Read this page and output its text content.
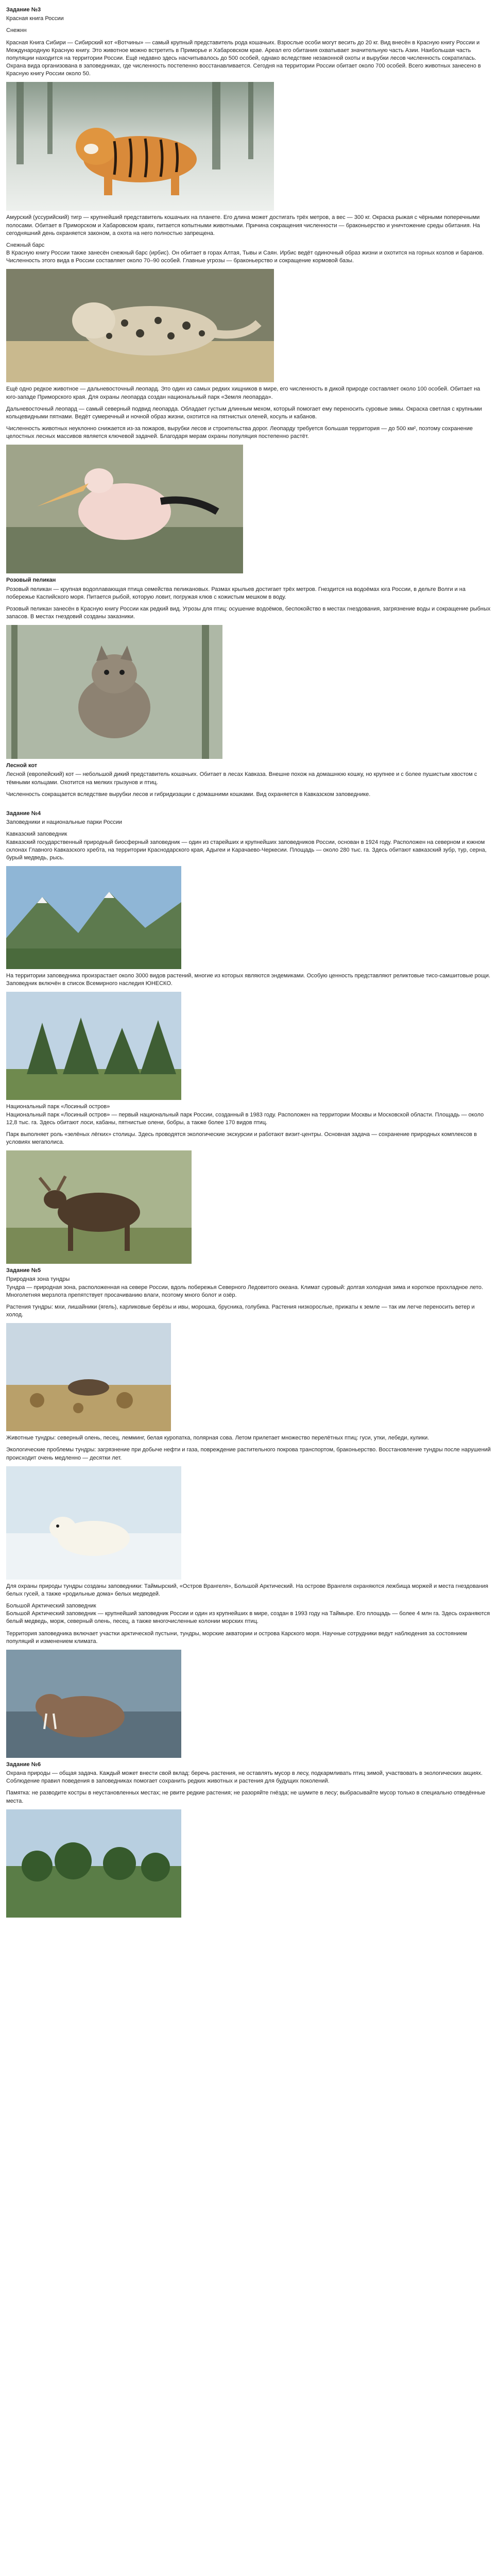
Задание №3
Красная книга России
Снежнн
Красная Книга Сибири — Сибирский кот «Вотчины» — самый крупный представитель рода кошачьих. Взрослые особи могут весить до 20 кг. Вид внесён в Красную книгу России и Международную Красную книгу. Это животное можно встретить в Приморье и Хабаровском крае. Ареал его обитания охватывает значительную часть Азии. Наибольшая часть популяции находится на территории России. Ещё недавно здесь насчитывалось до 500 особей, однако вследствие незаконной охоты и вырубки лесов численность сократилась. Охрана вида организована в заповедниках, где численность постепенно восстанавливается. Сегодня на территории России обитает около 700 особей. Всего животных занесено в Красную книгу России около 50.
Амурский (уссурийский) тигр — крупнейший представитель кошачьих на планете. Его длина может достигать трёх метров, а вес — 300 кг. Окраска рыжая с чёрными поперечными полосами. Обитает в Приморском и Хабаровском краях, питается копытными животными. Причина сокращения численности — браконьерство и уничтожение среды обитания. На сегодняшний день охраняется законом, а охота на него полностью запрещена.
Снежный барс
В Красную книгу России также занесён снежный барс (ирбис). Он обитает в горах Алтая, Тывы и Саян. Ирбис ведёт одиночный образ жизни и охотится на горных козлов и баранов. Численность этого вида в России составляет около 70–90 особей. Главные угрозы — браконьерство и сокращение кормовой базы.
Ещё одно редкое животное — дальневосточный леопард. Это один из самых редких хищников в мире, его численность в дикой природе составляет около 100 особей. Обитает на юго-западе Приморского края. Для охраны леопарда создан национальный парк «Земля леопарда».
Дальневосточный леопард — самый северный подвид леопарда. Обладает густым длинным мехом, который помогает ему переносить суровые зимы. Окраска светлая с крупными кольцевидными пятнами. Ведёт сумеречный и ночной образ жизни, охотится на пятнистых оленей, косуль и кабанов.
Численность животных неуклонно снижается из-за пожаров, вырубки лесов и строительства дорог. Леопарду требуется большая территория — до 500 км², поэтому сохранение целостных лесных массивов является ключевой задачей. Благодаря мерам охраны популяция постепенно растёт.
Розовый пеликан
Розовый пеликан — крупная водоплавающая птица семейства пеликановых. Размах крыльев достигает трёх метров. Гнездится на водоёмах юга России, в дельте Волги и на побережье Каспийского моря. Питается рыбой, которую ловит, погружая клюв с кожистым мешком в воду.
Розовый пеликан занесён в Красную книгу России как редкий вид. Угрозы для птиц: осушение водоёмов, беспокойство в местах гнездования, загрязнение воды и сокращение рыбных запасов. В местах гнездовий созданы заказники.
Лесной кот
Лесной (европейский) кот — небольшой дикий представитель кошачьих. Обитает в лесах Кавказа. Внешне похож на домашнюю кошку, но крупнее и с более пушистым хвостом с тёмными кольцами. Охотится на мелких грызунов и птиц.
Численность сокращается вследствие вырубки лесов и гибридизации с домашними кошками. Вид охраняется в Кавказском заповеднике.
Задание №4
Заповедники и национальные парки России
Кавказский заповедник
Кавказский государственный природный биосферный заповедник — один из старейших и крупнейших заповедников России, основан в 1924 году. Расположен на северном и южном склонах Главного Кавказского хребта, на территории Краснодарского края, Адыгеи и Карачаево-Черкесии. Площадь — около 280 тыс. га. Здесь обитают кавказский зубр, тур, серна, бурый медведь, рысь.
На территории заповедника произрастает около 3000 видов растений, многие из которых являются эндемиками. Особую ценность представляют реликтовые тисо-самшитовые рощи. Заповедник включён в список Всемирного наследия ЮНЕСКО.
Национальный парк «Лосиный остров»
Национальный парк «Лосиный остров» — первый национальный парк России, созданный в 1983 году. Расположен на территории Москвы и Московской области. Площадь — около 12,8 тыс. га. Здесь обитают лоси, кабаны, пятнистые олени, бобры, а также более 170 видов птиц.
Парк выполняет роль «зелёных лёгких» столицы. Здесь проводятся экологические экскурсии и работают визит-центры. Основная задача — сохранение природных комплексов в условиях мегаполиса.
Задание №5
Природная зона тундры
Тундра — природная зона, расположенная на севере России, вдоль побережья Северного Ледовитого океана. Климат суровый: долгая холодная зима и короткое прохладное лето. Многолетняя мерзлота препятствует просачиванию влаги, поэтому много болот и озёр.
Растения тундры: мхи, лишайники (ягель), карликовые берёзы и ивы, морошка, брусника, голубика. Растения низкорослые, прижаты к земле — так им легче переносить ветер и холод.
Животные тундры: северный олень, песец, лемминг, белая куропатка, полярная сова. Летом прилетает множество перелётных птиц: гуси, утки, лебеди, кулики.
Экологические проблемы тундры: загрязнение при добыче нефти и газа, повреждение растительного покрова транспортом, браконьерство. Восстановление тундры после нарушений происходит очень медленно — десятки лет.
Для охраны природы тундры созданы заповедники: Таймырский, «Остров Врангеля», Большой Арктический. На острове Врангеля охраняются лежбища моржей и места гнездования белых гусей, а также «родильные дома» белых медведей.
Большой Арктический заповедник
Большой Арктический заповедник — крупнейший заповедник России и один из крупнейших в мире, создан в 1993 году на Таймыре. Его площадь — более 4 млн га. Здесь охраняются белый медведь, морж, северный олень, песец, а также многочисленные колонии морских птиц.
Территория заповедника включает участки арктической пустыни, тундры, морские акватории и острова Карского моря. Научные сотрудники ведут наблюдения за состоянием популяций и изменением климата.
Задание №6
Охрана природы — общая задача. Каждый может внести свой вклад: беречь растения, не оставлять мусор в лесу, подкармливать птиц зимой, участвовать в экологических акциях. Соблюдение правил поведения в заповедниках помогает сохранить редких животных и растения для будущих поколений.
Памятка: не разводите костры в неустановленных местах; не рвите редкие растения; не разоряйте гнёзда; не шумите в лесу; выбрасывайте мусор только в специально отведённые места.
